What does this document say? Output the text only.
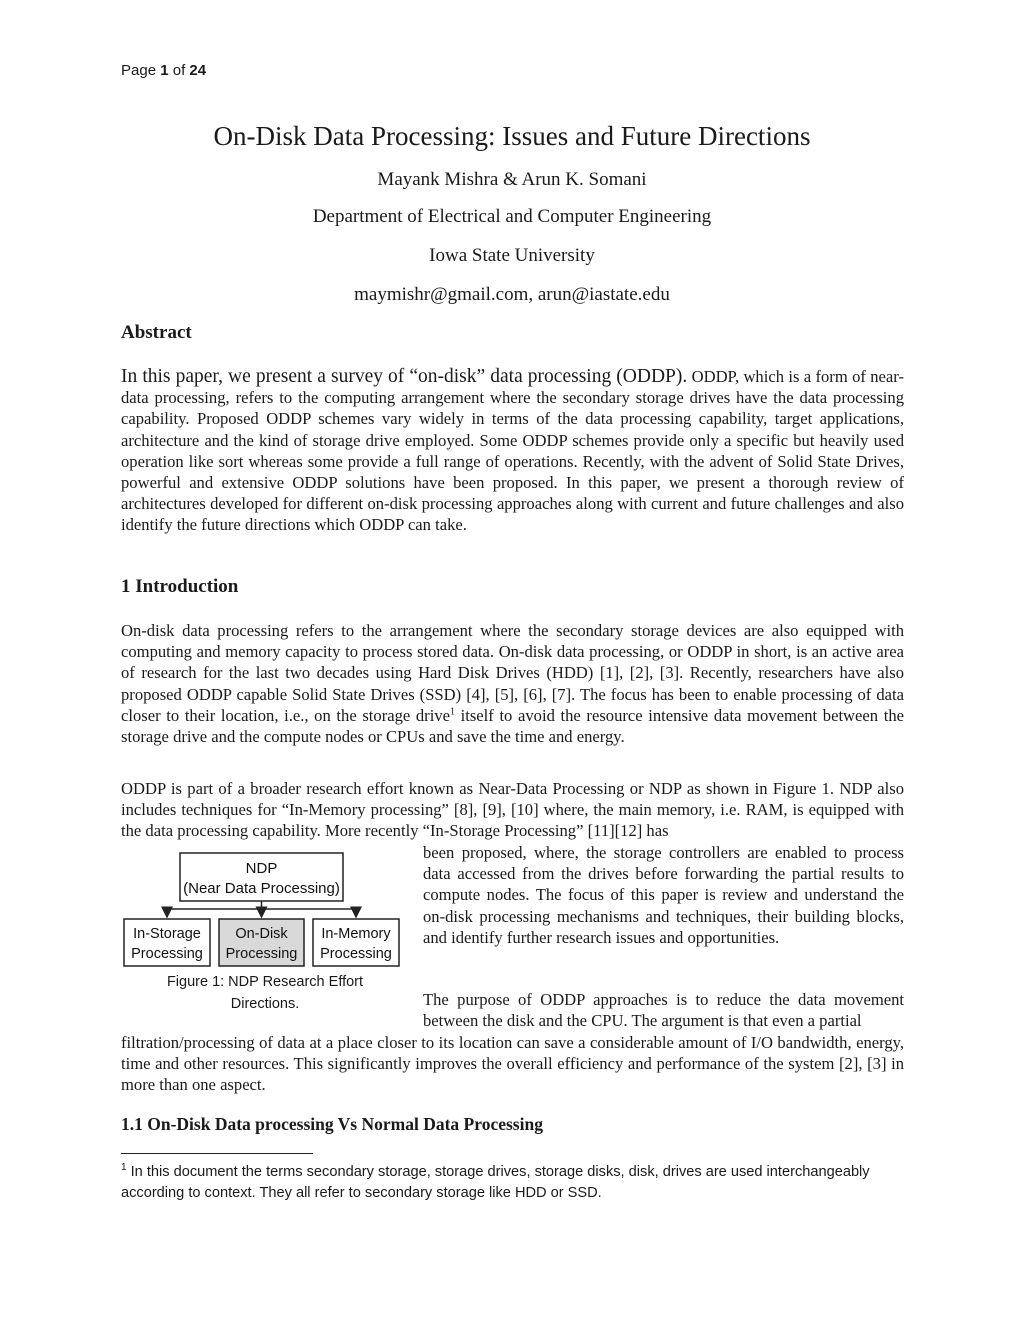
Page 1 of 24
On-Disk Data Processing: Issues and Future Directions
Mayank Mishra & Arun K. Somani
Department of Electrical and Computer Engineering
Iowa State University
maymishr@gmail.com, arun@iastate.edu
Abstract
In this paper, we present a survey of “on-disk” data processing (ODDP). ODDP, which is a form of near-data processing, refers to the computing arrangement where the secondary storage drives have the data processing capability. Proposed ODDP schemes vary widely in terms of the data processing capability, target applications, architecture and the kind of storage drive employed. Some ODDP schemes provide only a specific but heavily used operation like sort whereas some provide a full range of operations. Recently, with the advent of Solid State Drives, powerful and extensive ODDP solutions have been proposed. In this paper, we present a thorough review of architectures developed for different on-disk processing approaches along with current and future challenges and also identify the future directions which ODDP can take.
1 Introduction
On-disk data processing refers to the arrangement where the secondary storage devices are also equipped with computing and memory capacity to process stored data. On-disk data processing, or ODDP in short, is an active area of research for the last two decades using Hard Disk Drives (HDD) [1], [2], [3]. Recently, researchers have also proposed ODDP capable Solid State Drives (SSD) [4], [5], [6], [7]. The focus has been to enable processing of data closer to their location, i.e., on the storage drive$^1$ itself to avoid the resource intensive data movement between the storage drive and the compute nodes or CPUs and save the time and energy.
ODDP is part of a broader research effort known as Near-Data Processing or NDP as shown in Figure 1. NDP also includes techniques for “In-Memory processing” [8], [9], [10] where, the main memory, i.e. RAM, is equipped with the data processing capability. More recently “In-Storage Processing” [11][12] has
been proposed, where, the storage controllers are enabled to process data accessed from the drives before forwarding the partial results to compute nodes. The focus of this paper is review and understand the on-disk processing mechanisms and techniques, their building blocks, and identify further research issues and opportunities.
The purpose of ODDP approaches is to reduce the data movement between the disk and the CPU. The argument is that even a partial
filtration/processing of data at a place closer to its location can save a considerable amount of I/O bandwidth, energy, time and other resources. This significantly improves the overall efficiency and performance of the system [2], [3] in more than one aspect.
1.1 On-Disk Data processing Vs Normal Data Processing
NDP
(Near Data Processing)
In-Storage
Processing
On-Disk
Processing
In-Memory
Processing
Figure 1: NDP Research Effort
Directions.
$^1$ In this document the terms secondary storage, storage drives, storage disks, disk, drives are used interchangeably according to context. They all refer to secondary storage like HDD or SSD.
